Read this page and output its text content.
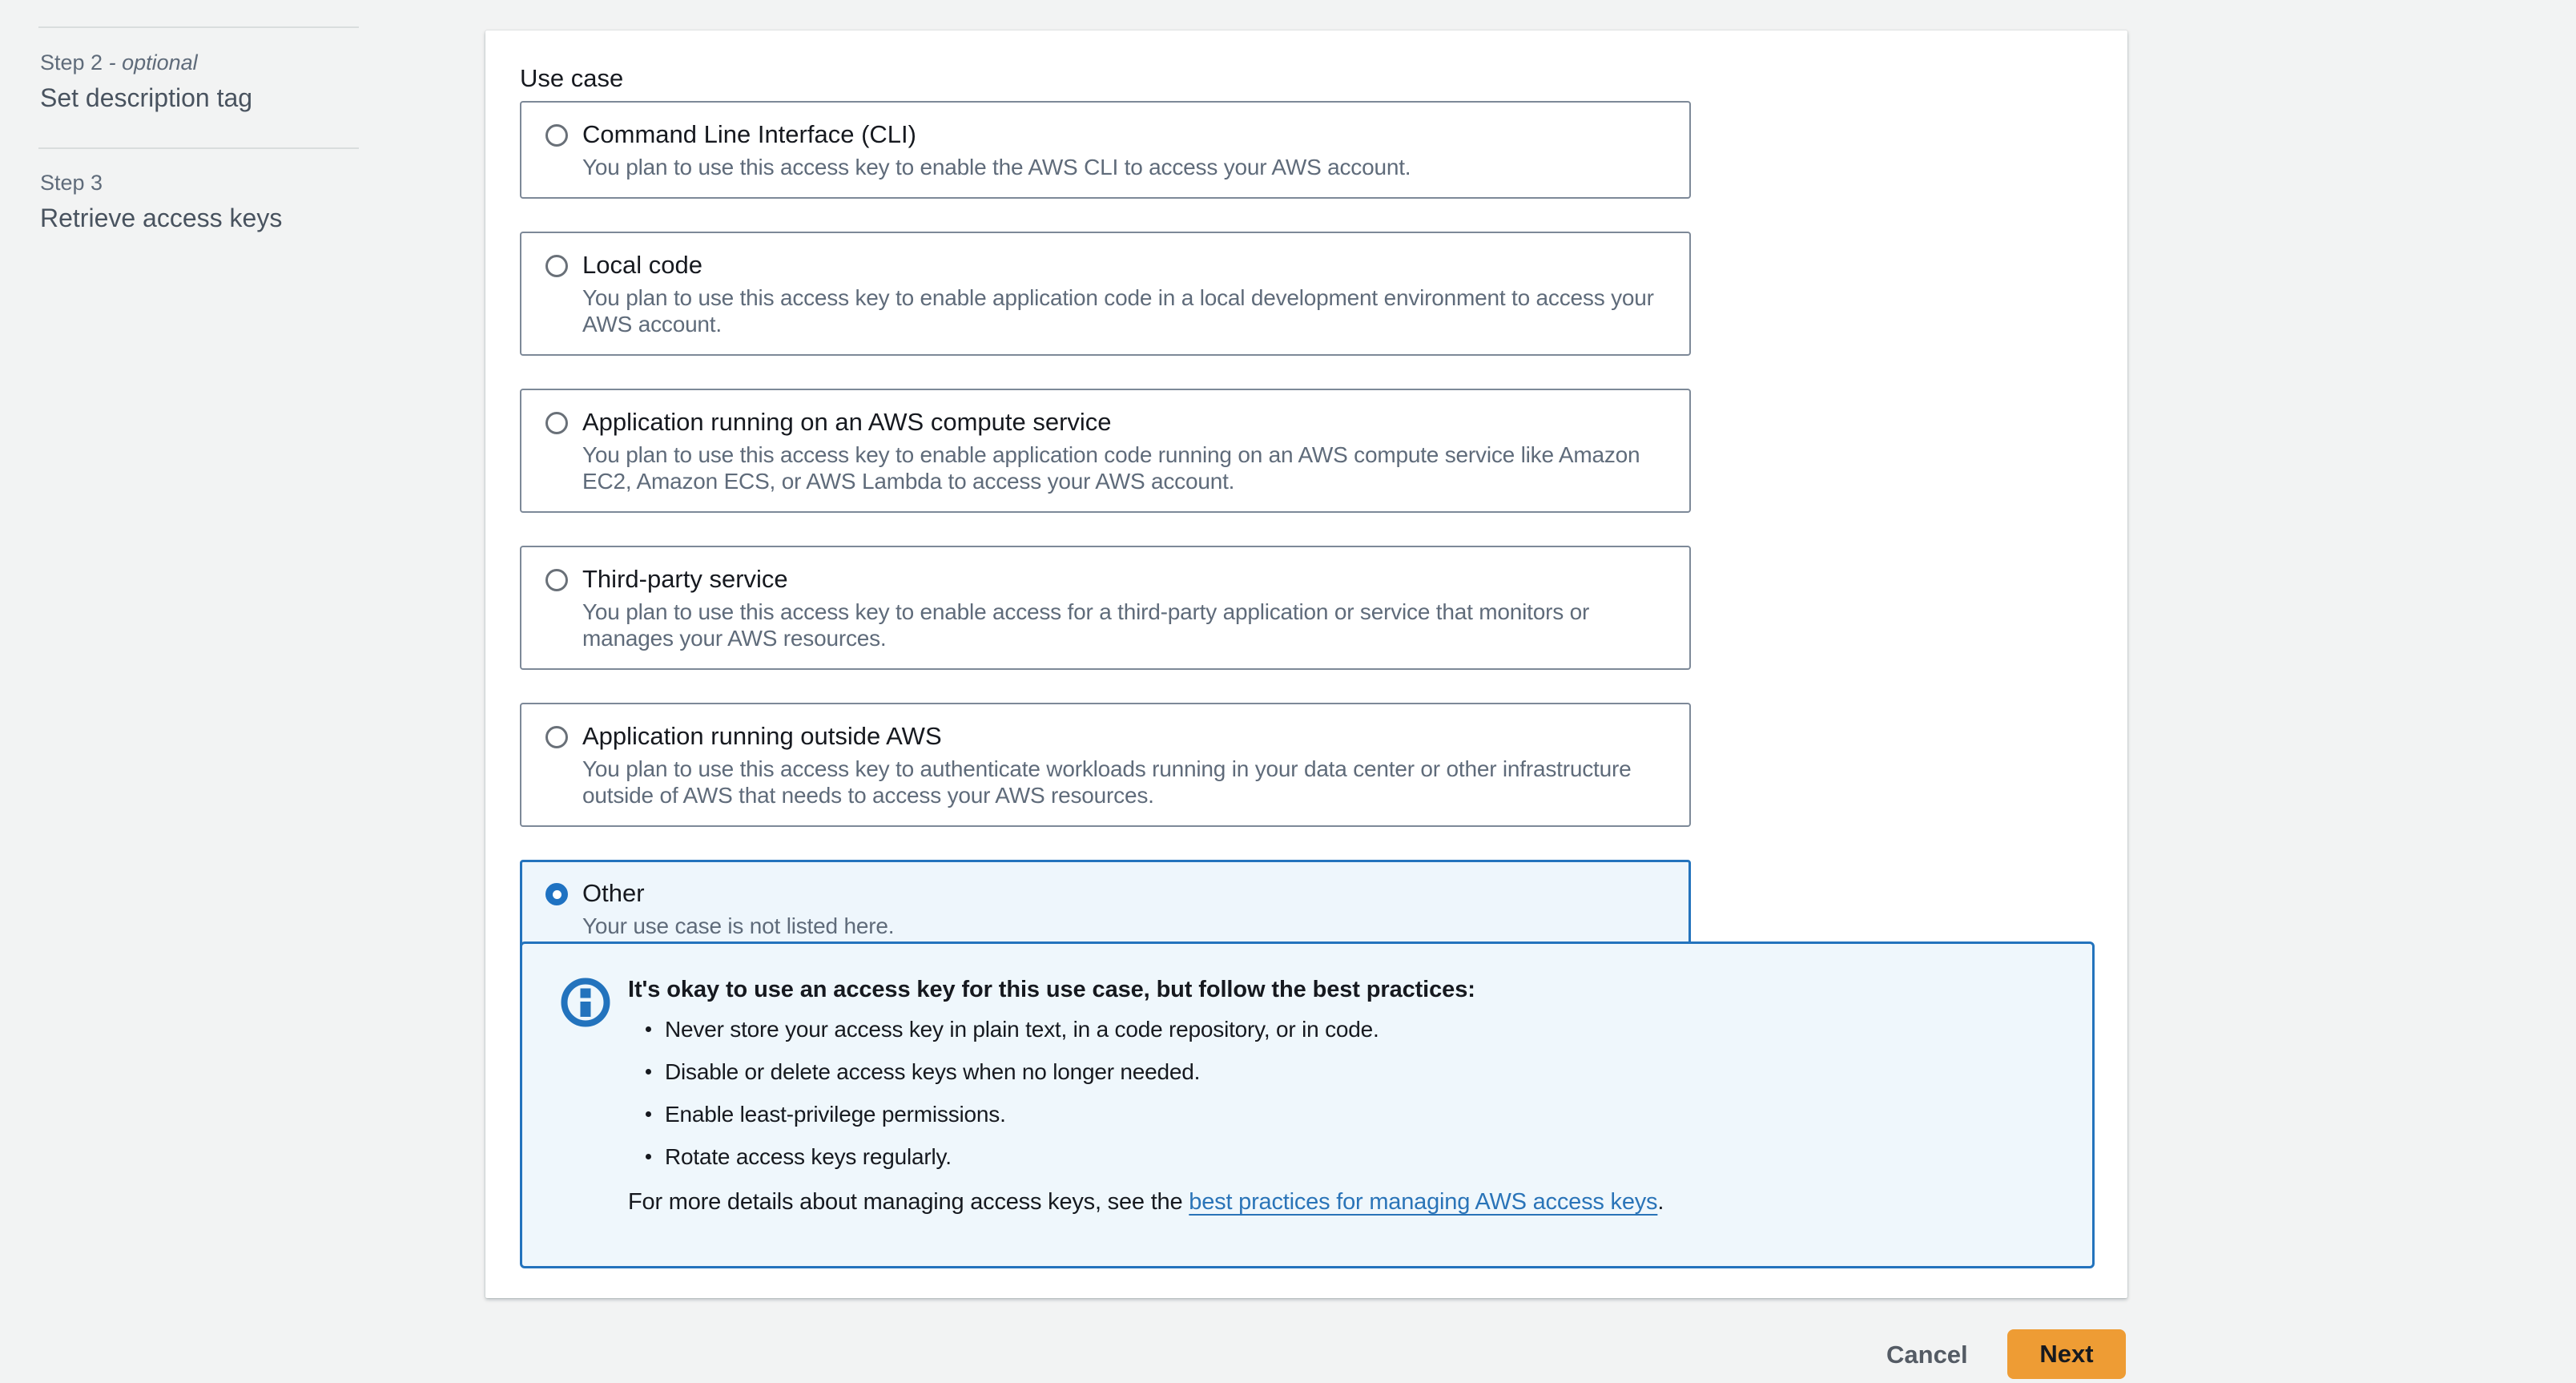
Step 2 - optional
Set description tag
Step 3
Retrieve access keys
Use case
Command Line Interface (CLI)
You plan to use this access key to enable the AWS CLI to access your AWS account.
Local code
You plan to use this access key to enable application code in a local development environment to access your AWS account.
Application running on an AWS compute service
You plan to use this access key to enable application code running on an AWS compute service like Amazon EC2, Amazon ECS, or AWS Lambda to access your AWS account.
Third-party service
You plan to use this access key to enable access for a third-party application or service that monitors or manages your AWS resources.
Application running outside AWS
You plan to use this access key to authenticate workloads running in your data center or other infrastructure outside of AWS that needs to access your AWS resources.
Other
Your use case is not listed here.
It's okay to use an access key for this use case, but follow the best practices:
Never store your access key in plain text, in a code repository, or in code.
Disable or delete access keys when no longer needed.
Enable least-privilege permissions.
Rotate access keys regularly.
For more details about managing access keys, see the best practices for managing AWS access keys.
Cancel	Next
